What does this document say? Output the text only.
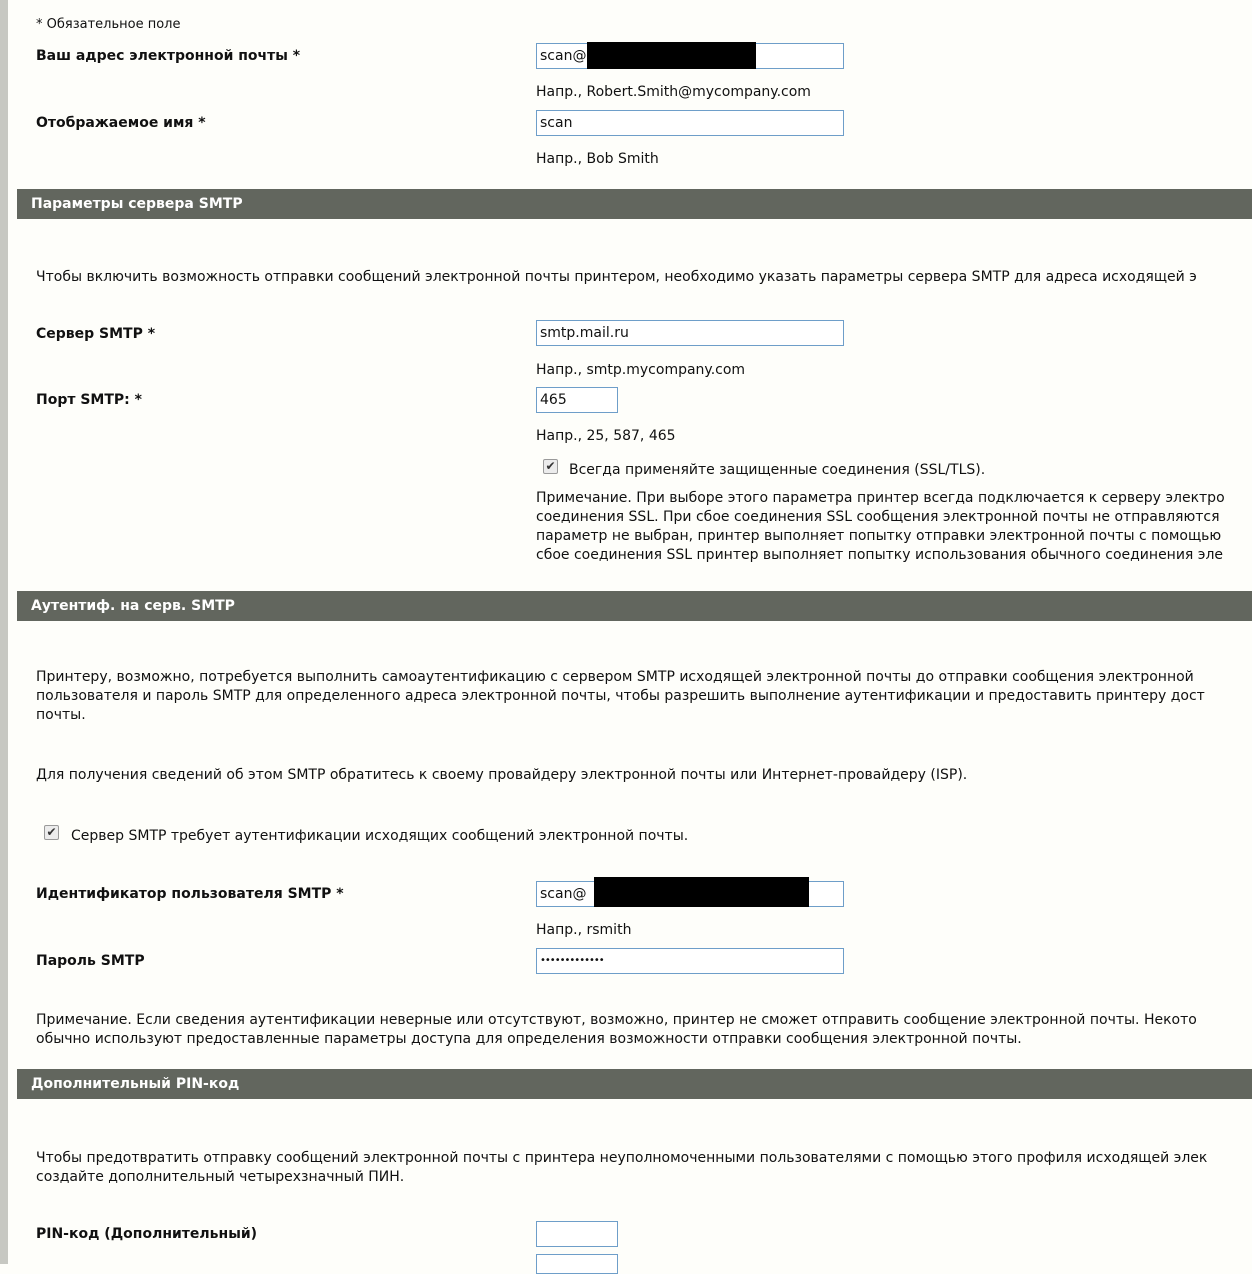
* Обязательное поле
Ваш адрес электронной почты *	scan@
Напр., Robert.Smith@mycompany.com
Отображаемое имя *	scan
Напр., Bob Smith
Параметры сервера SMTP
Чтобы включить возможность отправки сообщений электронной почты принтером, необходимо указать параметры сервера SMTP для адреса исходящей э
Сервер SMTP *	smtp.mail.ru
Напр., smtp.mycompany.com
Порт SMTP: *	465
Напр., 25, 587, 465
✔ Всегда применяйте защищенные соединения (SSL/TLS).
Примечание. При выборе этого параметра принтер всегда подключается к серверу электро
соединения SSL. При сбое соединения SSL сообщения электронной почты не отправляются
параметр не выбран, принтер выполняет попытку отправки электронной почты с помощью
сбое соединения SSL принтер выполняет попытку использования обычного соединения эле
Аутентиф. на серв. SMTP
Принтеру, возможно, потребуется выполнить самоаутентификацию с сервером SMTP исходящей электронной почты до отправки сообщения электронной
пользователя и пароль SMTP для определенного адреса электронной почты, чтобы разрешить выполнение аутентификации и предоставить принтеру дост
почты.
Для получения сведений об этом SMTP обратитесь к своему провайдеру электронной почты или Интернет-провайдеру (ISP).
✔ Сервер SMTP требует аутентификации исходящих сообщений электронной почты.
Идентификатор пользователя SMTP *	scan@
Напр., rsmith
Пароль SMTP	•••••••••••••
Примечание. Если сведения аутентификации неверные или отсутствуют, возможно, принтер не сможет отправить сообщение электронной почты. Некото
обычно используют предоставленные параметры доступа для определения возможности отправки сообщения электронной почты.
Дополнительный PIN-код
Чтобы предотвратить отправку сообщений электронной почты с принтера неуполномоченными пользователями с помощью этого профиля исходящей элек
создайте дополнительный четырехзначный ПИН.
PIN-код (Дополнительный)
